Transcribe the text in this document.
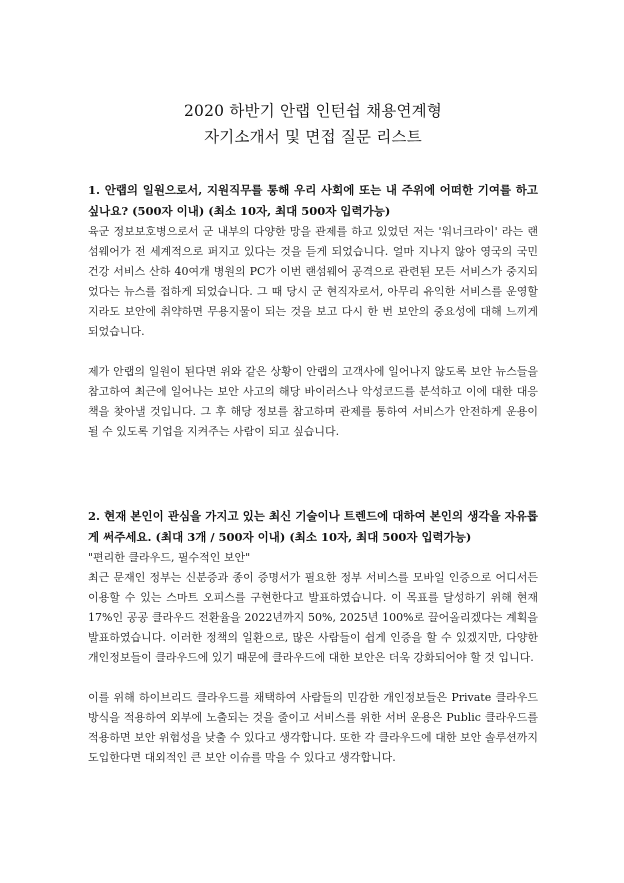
2020 하반기 안랩 인턴쉽 채용연계형
자기소개서 및 면접 질문 리스트

1. 안랩의 일원으로서, 지원직무를 통해 우리 사회에 또는 내 주위에 어떠한 기여를 하고 싶나요? (500자 이내) (최소 10자, 최대 500자 입력가능)

육군 정보보호병으로서 군 내부의 다양한 망을 관제를 하고 있었던 저는 '워너크라이' 라는 랜섬웨어가 전 세계적으로 퍼지고 있다는 것을 듣게 되었습니다. 얼마 지나지 않아 영국의 국민 건강 서비스 산하 40여개 병원의 PC가 이번 랜섬웨어 공격으로 관련된 모든 서비스가 중지되었다는 뉴스를 접하게 되었습니다. 그 때 당시 군 현직자로서, 아무리 유익한 서비스를 운영할 지라도 보안에 취약하면 무용지물이 되는 것을 보고 다시 한 번 보안의 중요성에 대해 느끼게 되었습니다.

제가 안랩의 일원이 된다면 위와 같은 상황이 안랩의 고객사에 일어나지 않도록 보안 뉴스들을 참고하여 최근에 일어나는 보안 사고의 해당 바이러스나 악성코드를 분석하고 이에 대한 대응책을 찾아낼 것입니다. 그 후 해당 정보를 참고하며 관제를 통하여 서비스가 안전하게 운용이 될 수 있도록 기업을 지켜주는 사람이 되고 싶습니다.

2. 현재 본인이 관심을 가지고 있는 최신 기술이나 트렌드에 대하여 본인의 생각을 자유롭게 써주세요. (최대 3개 / 500자 이내) (최소 10자, 최대 500자 입력가능)

"편리한 클라우드, 필수적인 보안"

최근 문재인 정부는 신분증과 종이 증명서가 필요한 정부 서비스를 모바일 인증으로 어디서든 이용할 수 있는 스마트 오피스를 구현한다고 발표하였습니다. 이 목표를 달성하기 위해 현재 17%인 공공 클라우드 전환율을 2022년까지 50%, 2025년 100%로 끌어올리겠다는 계획을 발표하였습니다. 이러한 정책의 일환으로, 많은 사람들이 쉽게 인증을 할 수 있겠지만, 다양한 개인정보들이 클라우드에 있기 때문에 클라우드에 대한 보안은 더욱 강화되어야 할 것 입니다.

이를 위해 하이브리드 클라우드를 채택하여 사람들의 민감한 개인정보들은 Private 클라우드 방식을 적용하여 외부에 노출되는 것을 줄이고 서비스를 위한 서버 운용은 Public 클라우드를 적용하면 보안 위험성을 낮출 수 있다고 생각합니다. 또한 각 클라우드에 대한 보안 솔루션까지 도입한다면 대외적인 큰 보안 이슈를 막을 수 있다고 생각합니다.
